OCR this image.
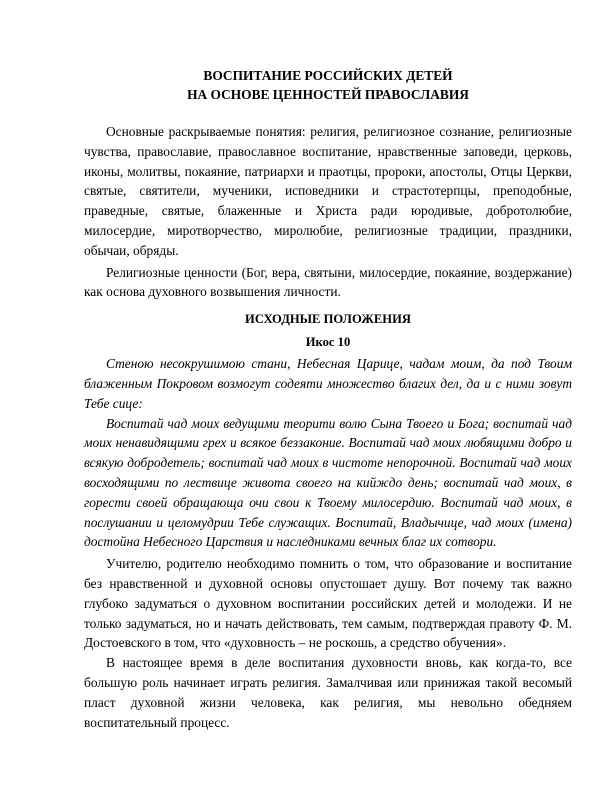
ВОСПИТАНИЕ РОССИЙСКИХ ДЕТЕЙ
НА ОСНОВЕ ЦЕННОСТЕЙ ПРАВОСЛАВИЯ

Основные раскрываемые понятия: религия, религиозное сознание, религиозные чувства, православие, православное воспитание, нравственные заповеди, церковь, иконы, молитвы, покаяние, патриархи и праотцы, пророки, апостолы, Отцы Церкви, святые, святители, мученики, исповедники и страстотерпцы, преподобные, праведные, святые, блаженные и Христа ради юродивые, добротолюбие, милосердие, миротворчество, миролюбие, религиозные традиции, праздники, обычаи, обряды.

Религиозные ценности (Бог, вера, святыни, милосердие, покаяние, воздержание) как основа духовного возвышения личности.

ИСХОДНЫЕ ПОЛОЖЕНИЯ
Икос 10

Стеною несокрушимою стани, Небесная Царице, чадам моим, да под Твоим блаженным Покровом возмогут содеяти множество благих дел, да и с ними зовут Тебе сице:

Воспитай чад моих ведущими теорити волю Сына Твоего и Бога; воспитай чад моих ненавидящими грех и всякое беззаконие. Воспитай чад моих любящими добро и всякую добродетель; воспитай чад моих в чистоте непорочной. Воспитай чад моих восходящими по лествице живота своего на кийждо день; воспитай чад моих, в горести своей обращающа очи свои к Твоему милосердию. Воспитай чад моих, в послушании и целомудрии Тебе служащих. Воспитай, Владычице, чад моих (имена) достойна Небесного Царствия и наследниками вечных благ их сотвори.

Учителю, родителю необходимо помнить о том, что образование и воспитание без нравственной и духовной основы опустошает душу. Вот почему так важно глубоко задуматься о духовном воспитании российских детей и молодежи. И не только задуматься, но и начать действовать, тем самым, подтверждая правоту Ф. М. Достоевского в том, что «духовность – не роскошь, а средство обучения».

В настоящее время в деле воспитания духовности вновь, как когда-то, все большую роль начинает играть религия. Замалчивая или принижая такой весомый пласт духовной жизни человека, как религия, мы невольно обедняем воспитательный процесс.
